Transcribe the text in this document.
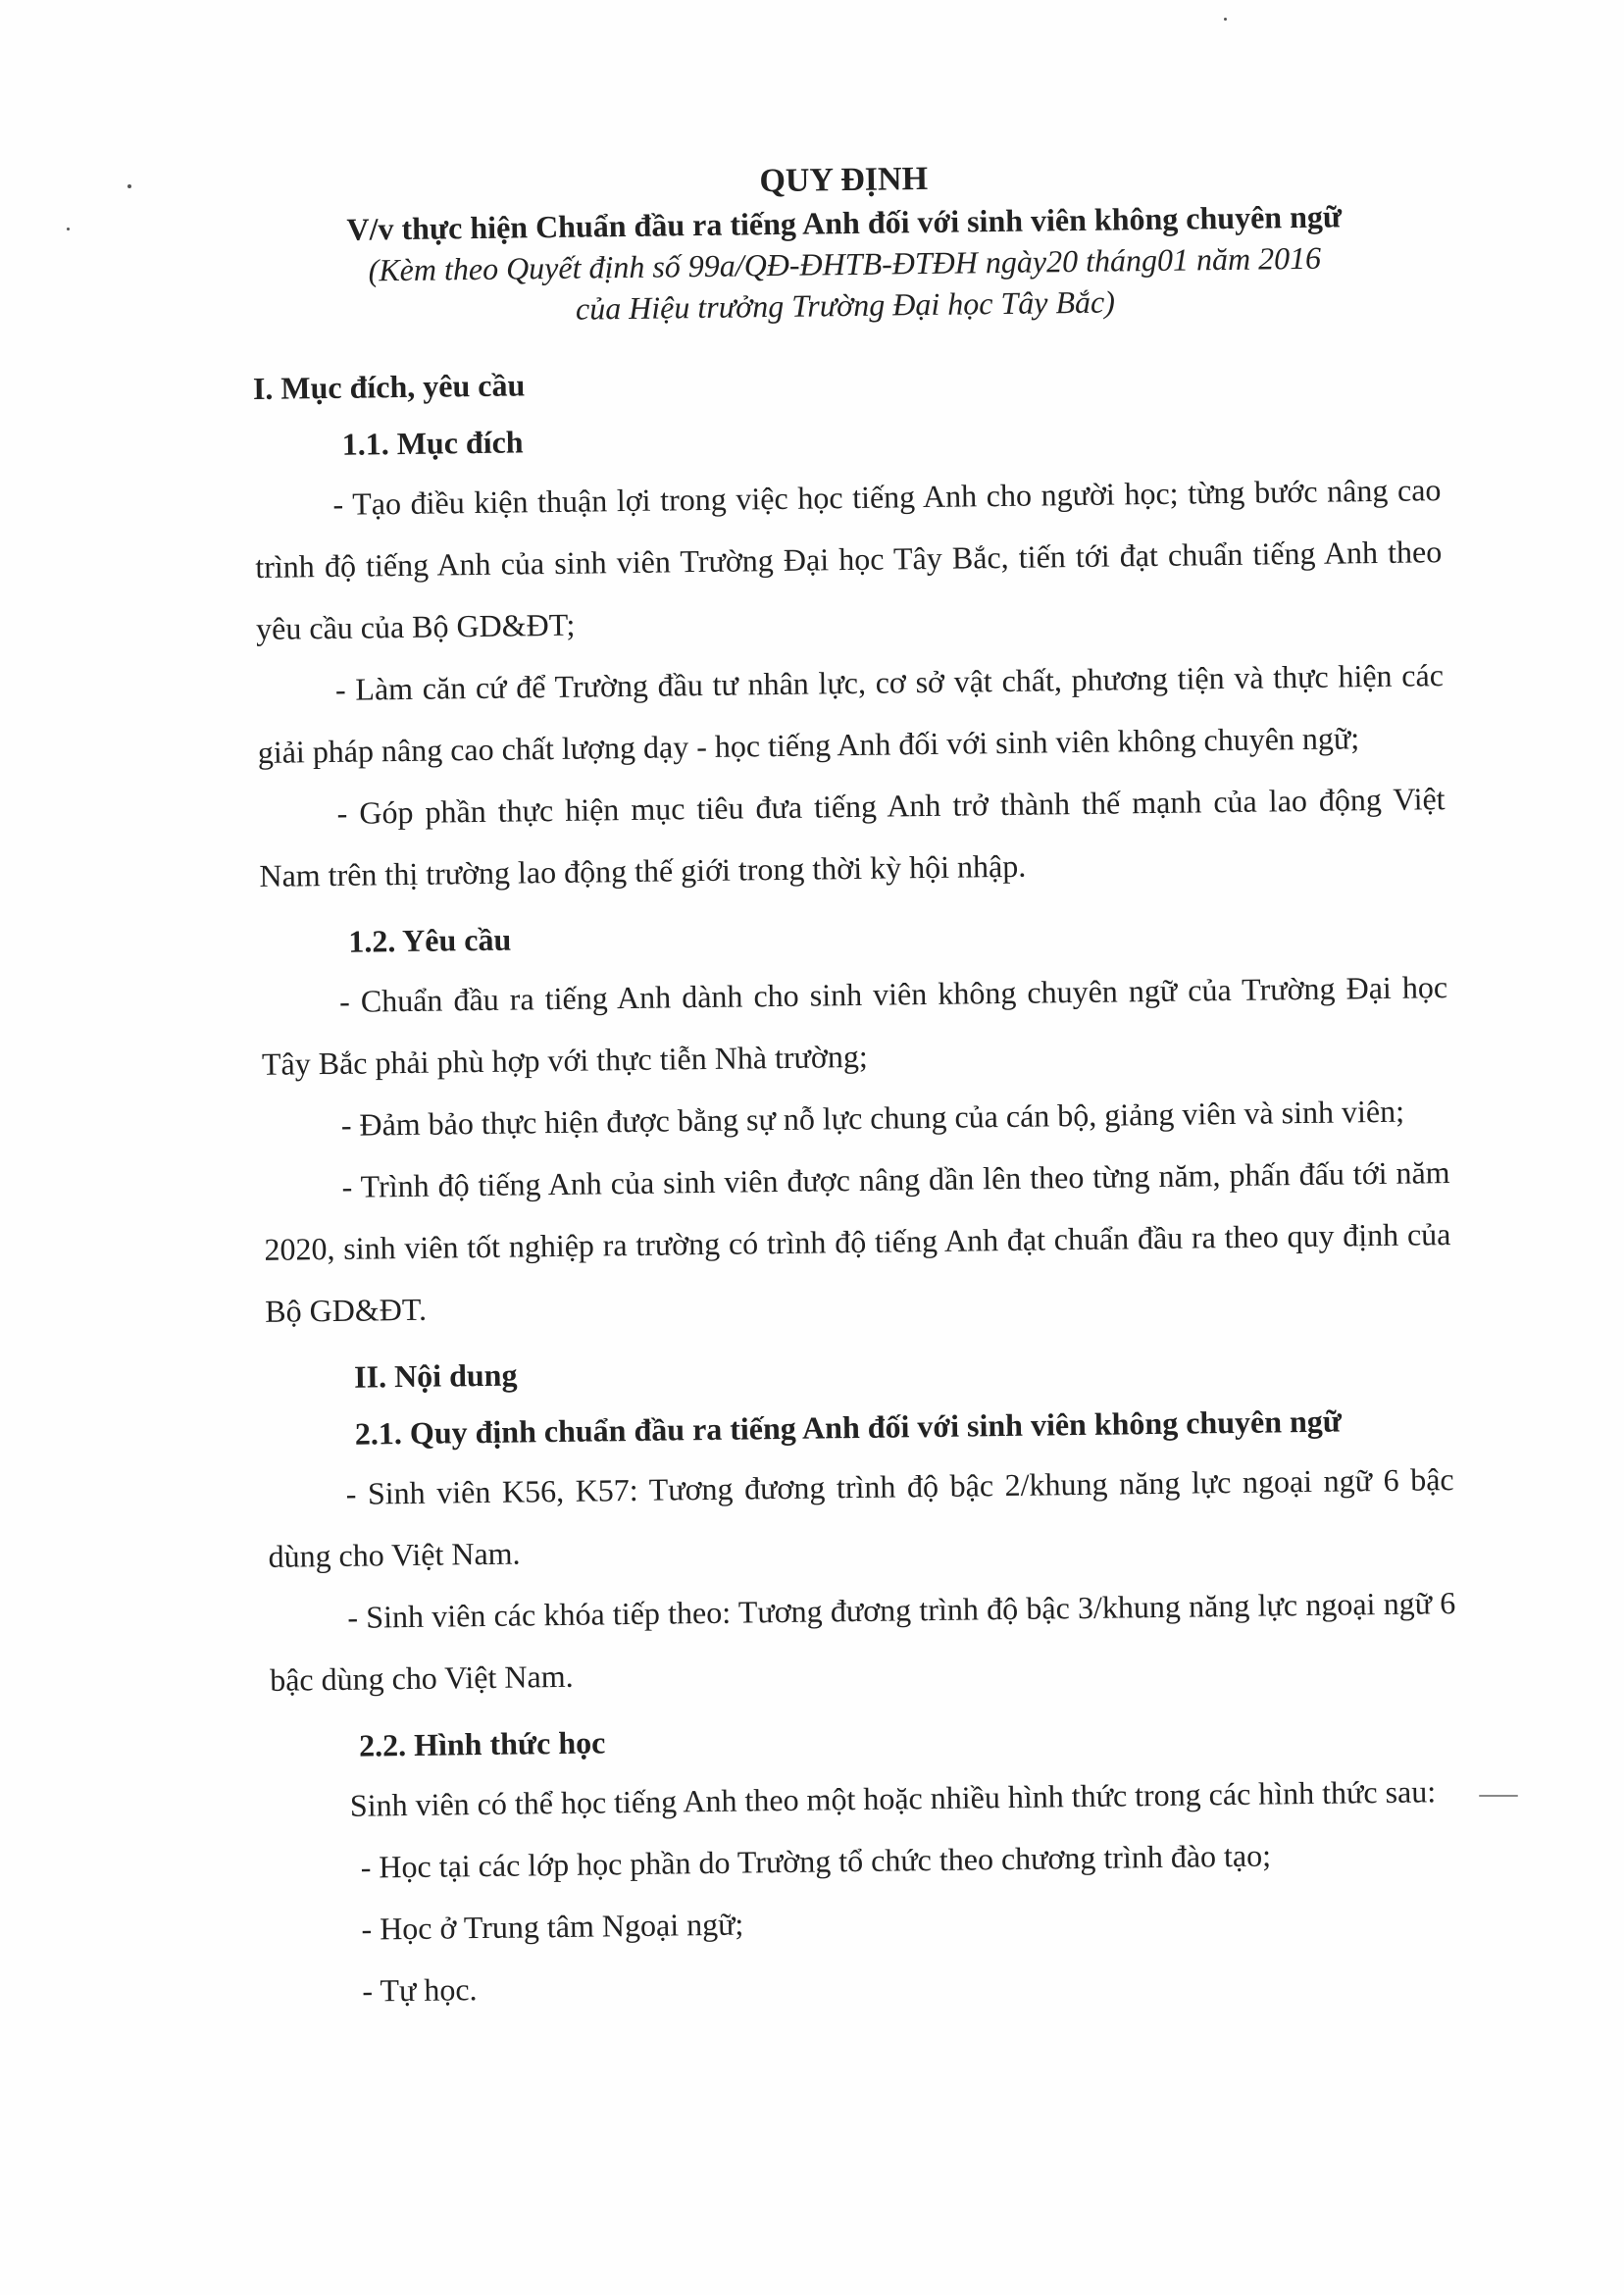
QUY ĐỊNH
V/v thực hiện Chuẩn đầu ra tiếng Anh đối với sinh viên không chuyên ngữ
(Kèm theo Quyết định số 99a/QĐ-ĐHTB-ĐTĐH ngày20 tháng01 năm 2016
của Hiệu trưởng Trường Đại học Tây Bắc)
I. Mục đích, yêu cầu
1.1. Mục đích

- Tạo điều kiện thuận lợi trong việc học tiếng Anh cho người học; từng bước nâng cao trình độ tiếng Anh của sinh viên Trường Đại học Tây Bắc, tiến tới đạt chuẩn tiếng Anh theo yêu cầu của Bộ GD&ĐT;

- Làm căn cứ để Trường đầu tư nhân lực, cơ sở vật chất, phương tiện và thực hiện các giải pháp nâng cao chất lượng dạy - học tiếng Anh đối với sinh viên không chuyên ngữ;

- Góp phần thực hiện mục tiêu đưa tiếng Anh trở thành thế mạnh của lao động Việt Nam trên thị trường lao động thế giới trong thời kỳ hội nhập.

1.2. Yêu cầu

- Chuẩn đầu ra tiếng Anh dành cho sinh viên không chuyên ngữ của Trường Đại học Tây Bắc phải phù hợp với thực tiễn Nhà trường;

- Đảm bảo thực hiện được bằng sự nỗ lực chung của cán bộ, giảng viên và sinh viên;

- Trình độ tiếng Anh của sinh viên được nâng dần lên theo từng năm, phấn đấu tới năm 2020, sinh viên tốt nghiệp ra trường có trình độ tiếng Anh đạt chuẩn đầu ra theo quy định của Bộ GD&ĐT.

II. Nội dung
2.1. Quy định chuẩn đầu ra tiếng Anh đối với sinh viên không chuyên ngữ

- Sinh viên K56, K57: Tương đương trình độ bậc 2/khung năng lực ngoại ngữ 6 bậc dùng cho Việt Nam.

- Sinh viên các khóa tiếp theo: Tương đương trình độ bậc 3/khung năng lực ngoại ngữ 6 bậc dùng cho Việt Nam.

2.2. Hình thức học

Sinh viên có thể học tiếng Anh theo một hoặc nhiều hình thức trong các hình thức sau:

- Học tại các lớp học phần do Trường tổ chức theo chương trình đào tạo;

- Học ở Trung tâm Ngoại ngữ;

- Tự học.
